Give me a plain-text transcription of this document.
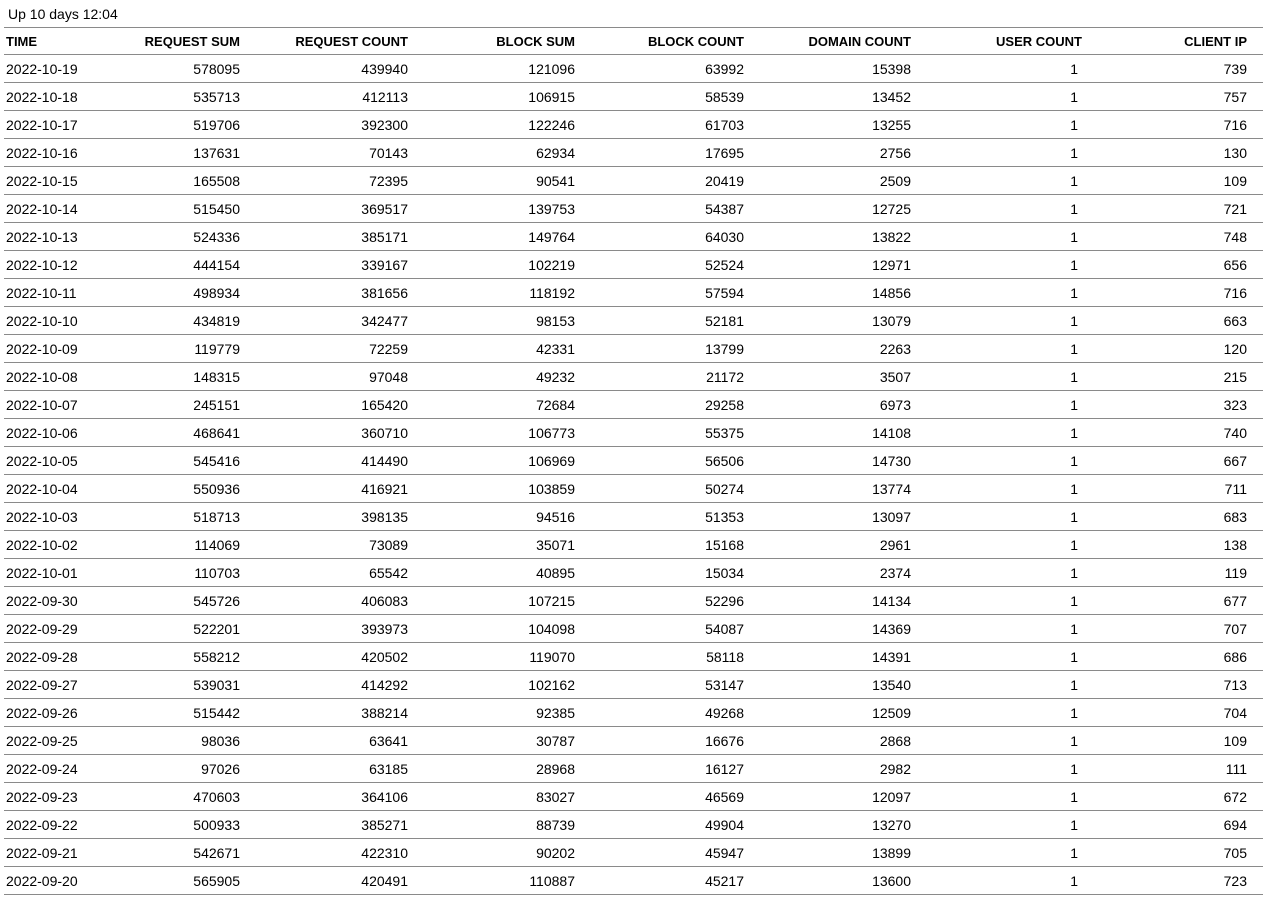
Up 10 days 12:04
TIME	REQUEST SUM	REQUEST COUNT	BLOCK SUM	BLOCK COUNT	DOMAIN COUNT	USER COUNT	CLIENT IP
2022-10-19	578095	439940	121096	63992	15398	1	739
2022-10-18	535713	412113	106915	58539	13452	1	757
2022-10-17	519706	392300	122246	61703	13255	1	716
2022-10-16	137631	70143	62934	17695	2756	1	130
2022-10-15	165508	72395	90541	20419	2509	1	109
2022-10-14	515450	369517	139753	54387	12725	1	721
2022-10-13	524336	385171	149764	64030	13822	1	748
2022-10-12	444154	339167	102219	52524	12971	1	656
2022-10-11	498934	381656	118192	57594	14856	1	716
2022-10-10	434819	342477	98153	52181	13079	1	663
2022-10-09	119779	72259	42331	13799	2263	1	120
2022-10-08	148315	97048	49232	21172	3507	1	215
2022-10-07	245151	165420	72684	29258	6973	1	323
2022-10-06	468641	360710	106773	55375	14108	1	740
2022-10-05	545416	414490	106969	56506	14730	1	667
2022-10-04	550936	416921	103859	50274	13774	1	711
2022-10-03	518713	398135	94516	51353	13097	1	683
2022-10-02	114069	73089	35071	15168	2961	1	138
2022-10-01	110703	65542	40895	15034	2374	1	119
2022-09-30	545726	406083	107215	52296	14134	1	677
2022-09-29	522201	393973	104098	54087	14369	1	707
2022-09-28	558212	420502	119070	58118	14391	1	686
2022-09-27	539031	414292	102162	53147	13540	1	713
2022-09-26	515442	388214	92385	49268	12509	1	704
2022-09-25	98036	63641	30787	16676	2868	1	109
2022-09-24	97026	63185	28968	16127	2982	1	111
2022-09-23	470603	364106	83027	46569	12097	1	672
2022-09-22	500933	385271	88739	49904	13270	1	694
2022-09-21	542671	422310	90202	45947	13899	1	705
2022-09-20	565905	420491	110887	45217	13600	1	723
